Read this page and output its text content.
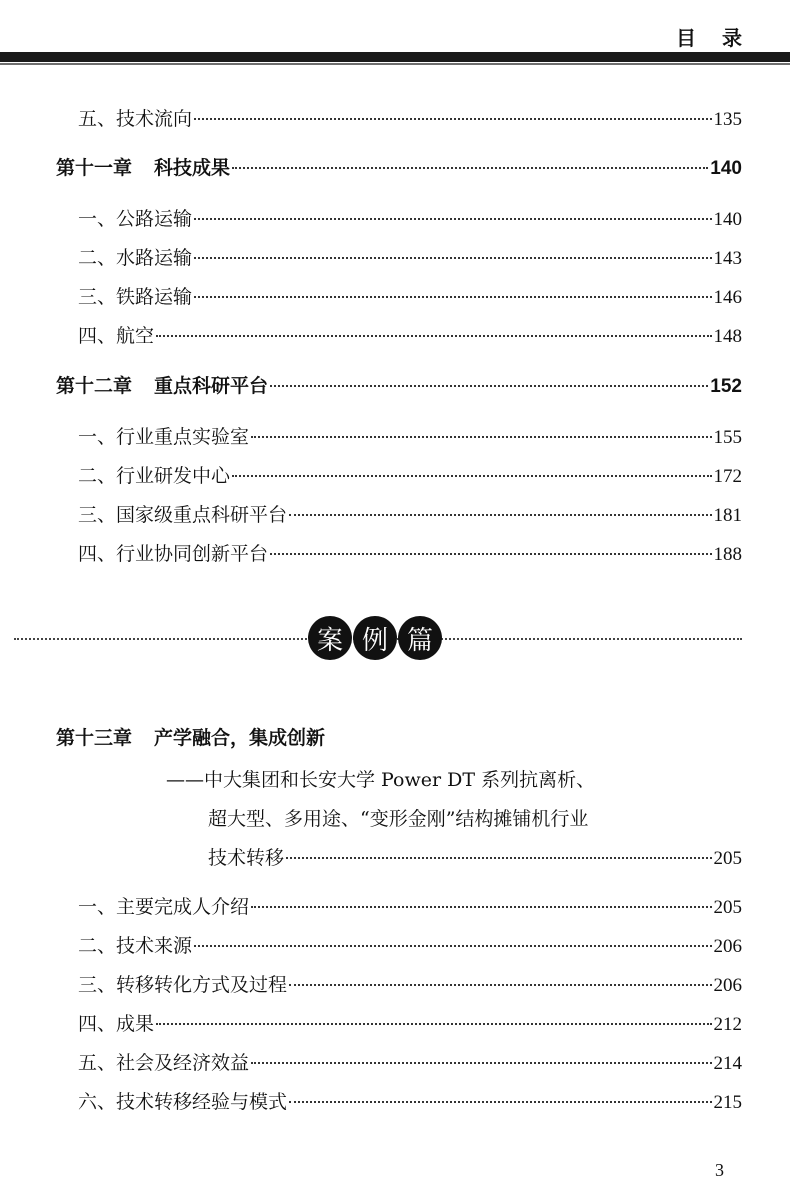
目 录
五、技术流向	135
第十一章 科技成果	140
一、公路运输	140
二、水路运输	143
三、铁路运输	146
四、航空	148
第十二章 重点科研平台	152
一、行业重点实验室	155
二、行业研发中心	172
三、国家级重点科研平台	181
四、行业协同创新平台	188
案 例 篇
第十三章 产学融合，集成创新
——中大集团和长安大学 Power DT 系列抗离析、
超大型、多用途、“变形金刚”结构摊铺机行业
技术转移	205
一、主要完成人介绍	205
二、技术来源	206
三、转移转化方式及过程	206
四、成果	212
五、社会及经济效益	214
六、技术转移经验与模式	215
3
